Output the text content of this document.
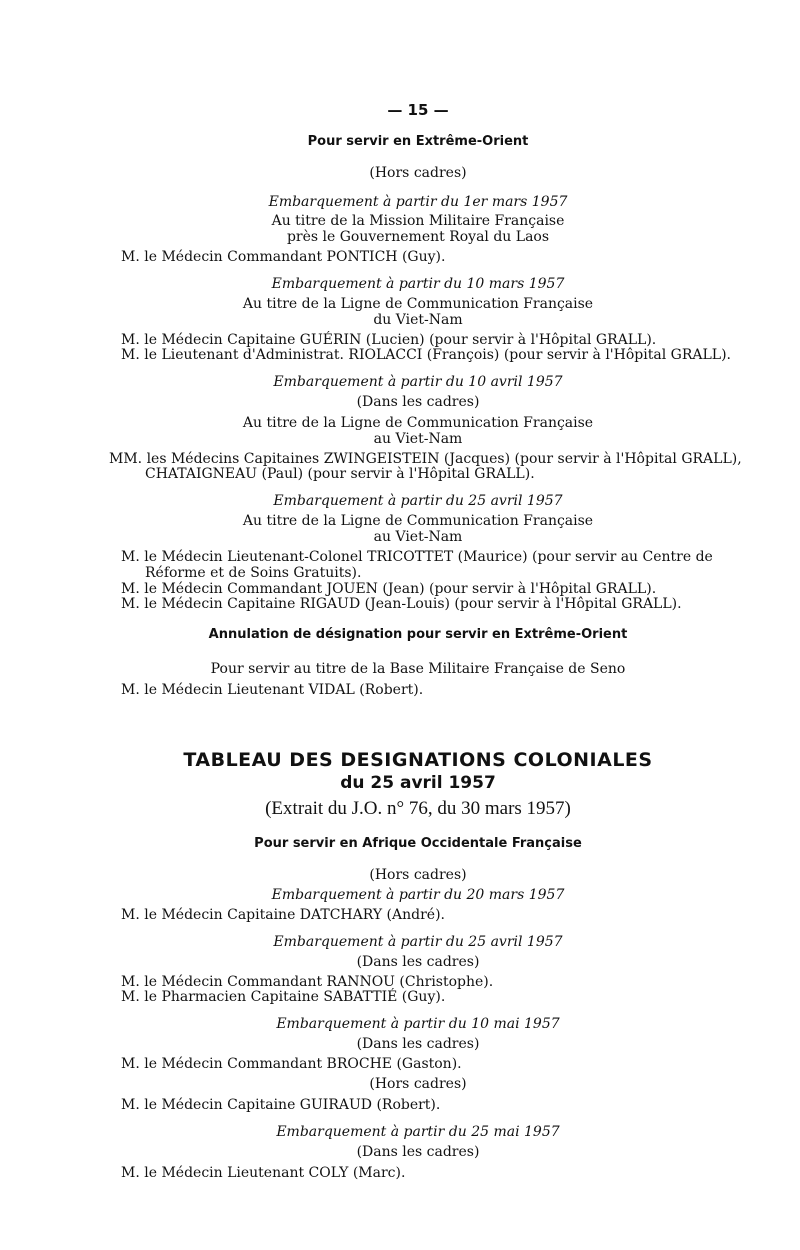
— 15 —
Pour servir en Extrême-Orient
(Hors cadres)
Embarquement à partir du 1er mars 1957
Au titre de la Mission Militaire Française
près le Gouvernement Royal du Laos
M. le Médecin Commandant PONTICH (Guy).
Embarquement à partir du 10 mars 1957
Au titre de la Ligne de Communication Française
du Viet-Nam
M. le Médecin Capitaine GUÉRIN (Lucien) (pour servir à l'Hôpital GRALL).
M. le Lieutenant d'Administrat. RIOLACCI (François) (pour servir à l'Hôpital GRALL).
Embarquement à partir du 10 avril 1957
(Dans les cadres)
Au titre de la Ligne de Communication Française
au Viet-Nam
MM. les Médecins Capitaines ZWINGEISTEIN (Jacques) (pour servir à l'Hôpital GRALL),
CHATAIGNEAU (Paul) (pour servir à l'Hôpital GRALL).
Embarquement à partir du 25 avril 1957
Au titre de la Ligne de Communication Française
au Viet-Nam
M. le Médecin Lieutenant-Colonel TRICOTTET (Maurice) (pour servir au Centre de
Réforme et de Soins Gratuits).
M. le Médecin Commandant JOUEN (Jean) (pour servir à l'Hôpital GRALL).
M. le Médecin Capitaine RIGAUD (Jean-Louis) (pour servir à l'Hôpital GRALL).
Annulation de désignation pour servir en Extrême-Orient
Pour servir au titre de la Base Militaire Française de Seno
M. le Médecin Lieutenant VIDAL (Robert).
TABLEAU DES DESIGNATIONS COLONIALES
du 25 avril 1957
(Extrait du J.O. n° 76, du 30 mars 1957)
Pour servir en Afrique Occidentale Française
(Hors cadres)
Embarquement à partir du 20 mars 1957
M. le Médecin Capitaine DATCHARY (André).
Embarquement à partir du 25 avril 1957
(Dans les cadres)
M. le Médecin Commandant RANNOU (Christophe).
M. le Pharmacien Capitaine SABATTIÉ (Guy).
Embarquement à partir du 10 mai 1957
(Dans les cadres)
M. le Médecin Commandant BROCHE (Gaston).
(Hors cadres)
M. le Médecin Capitaine GUIRAUD (Robert).
Embarquement à partir du 25 mai 1957
(Dans les cadres)
M. le Médecin Lieutenant COLY (Marc).
